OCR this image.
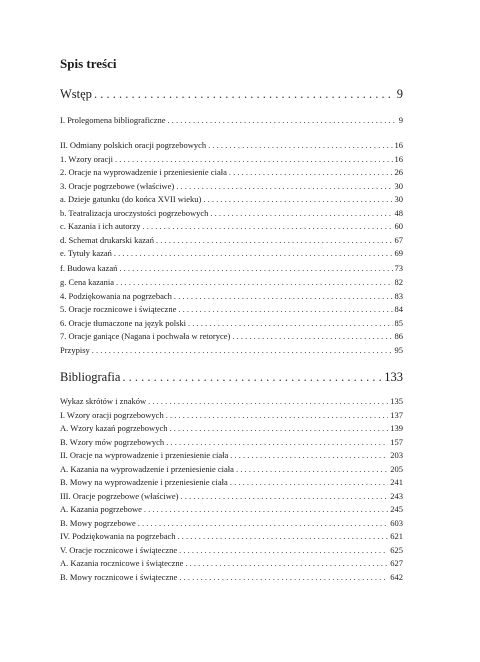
Spis treści
Wstęp . . .	9
I. Prolegomena bibliograficzne . . .	9
II. Odmiany polskich oracji pogrzebowych . . .	16
1. Wzory oracji . . .	16
2. Oracje na wyprowadzenie i przeniesienie ciała . . .	26
3. Oracje pogrzebowe (właściwe) . . .	30
a. Dzieje gatunku (do końca XVII wieku) . . .	30
b. Teatralizacja uroczystości pogrzebowych . . .	48
c. Kazania i ich autorzy . . .	60
d. Schemat drukarski kazań . . .	67
e. Tytuły kazań . . .	69
f. Budowa kazań . . .	73
g. Cena kazania . . .	82
4. Podziękowania na pogrzebach . . .	83
5. Oracje rocznicowe i świąteczne . . .	84
6. Oracje tłumaczone na język polski . . .	85
7. Oracje ganiące (Nagana i pochwała w retoryce) . . .	86
Przypisy . . .	95
Bibliografia . . .	133
Wykaz skrótów i znaków . . .	135
I. Wzory oracji pogrzebowych . . .	137
A. Wzory kazań pogrzebowych . . .	139
B. Wzory mów pogrzebowych . . .	157
II. Oracje na wyprowadzenie i przeniesienie ciała . . .	203
A. Kazania na wyprowadzenie i przeniesienie ciała . . .	205
B. Mowy na wyprowadzenie i przeniesienie ciała . . .	241
III. Oracje pogrzebowe (właściwe) . . .	243
A. Kazania pogrzebowe . . .	245
B. Mowy pogrzebowe . . .	603
IV. Podziękowania na pogrzebach . . .	621
V. Oracje rocznicowe i świąteczne . . .	625
A. Kazania rocznicowe i świąteczne . . .	627
B. Mowy rocznicowe i świąteczne . . .	642
